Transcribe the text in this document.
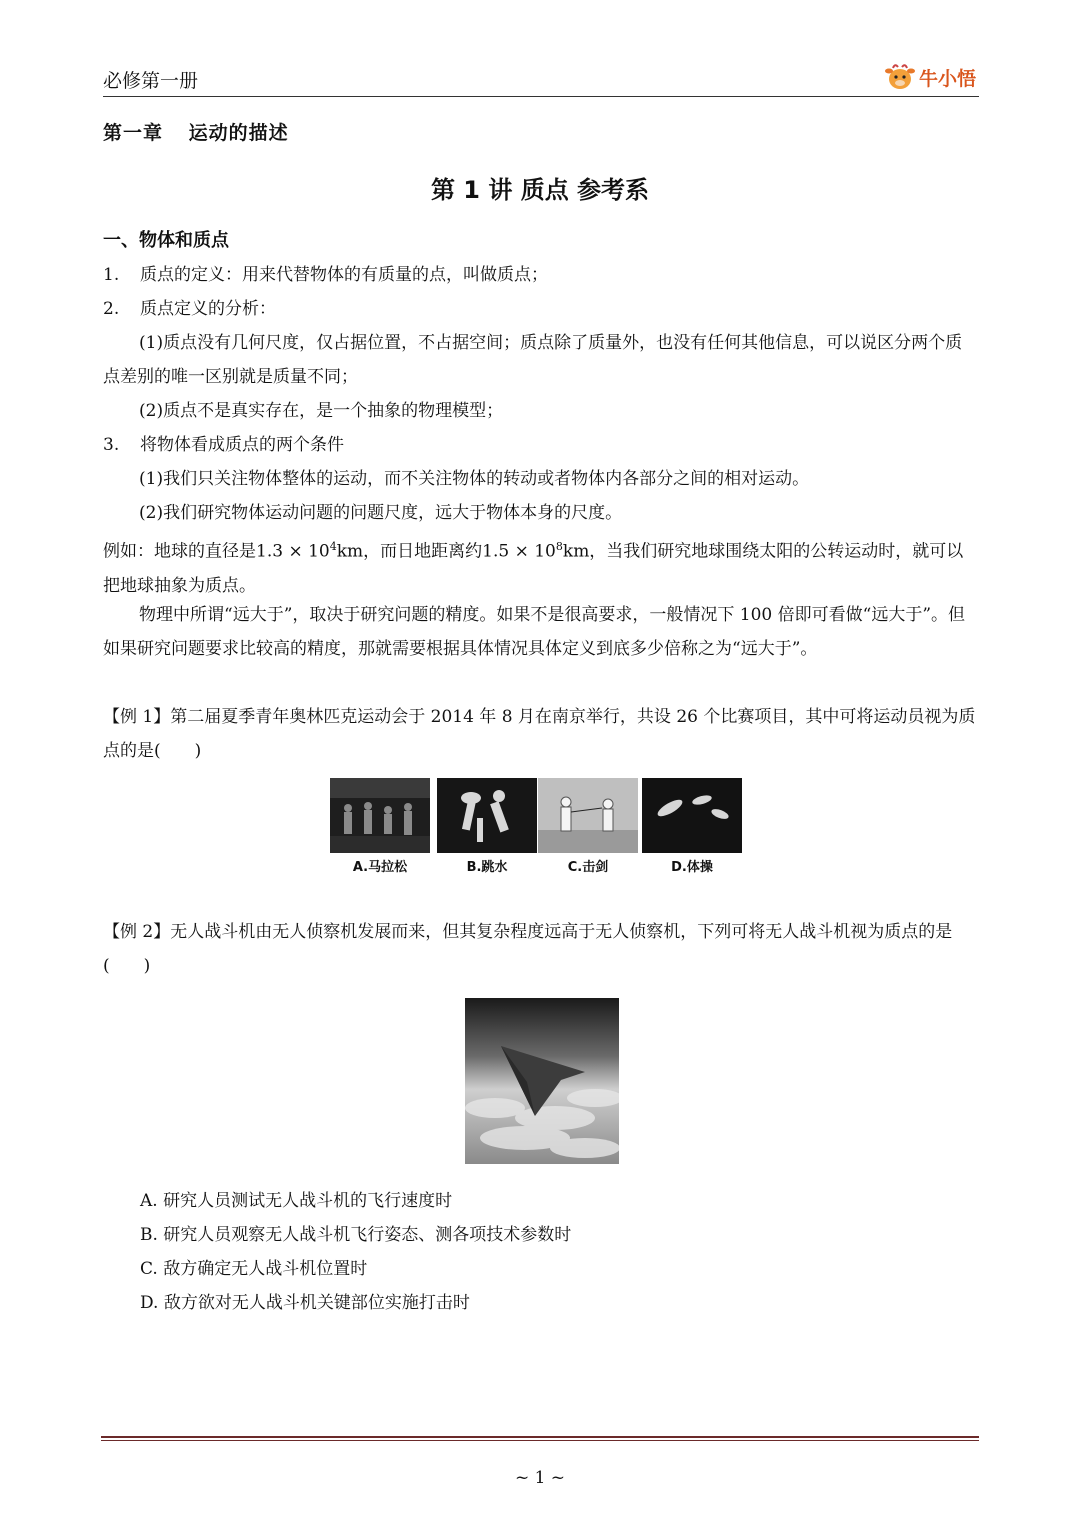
必修第一册	牛小悟
第一章 运动的描述
第 1 讲 质点 参考系
一、物体和质点
1. 质点的定义：用来代替物体的有质量的点，叫做质点；
2. 质点定义的分析：
(1)质点没有几何尺度，仅占据位置，不占据空间；质点除了质量外，也没有任何其他信息，可以说区分两个质点差别的唯一区别就是质量不同；
(2)质点不是真实存在，是一个抽象的物理模型；
3. 将物体看成质点的两个条件
(1)我们只关注物体整体的运动，而不关注物体的转动或者物体内各部分之间的相对运动。
(2)我们研究物体运动问题的问题尺度，远大于物体本身的尺度。
例如：地球的直径是$1.3 \times 10^4km$，而日地距离约$1.5 \times 10^8km$，当我们研究地球围绕太阳的公转运动时，就可以把地球抽象为质点。
物理中所谓“远大于”，取决于研究问题的精度。如果不是很高要求，一般情况下 100 倍即可看做“远大于”。但如果研究问题要求比较高的精度，那就需要根据具体情况具体定义到底多少倍称之为“远大于”。
【例 1】第二届夏季青年奥林匹克运动会于 2014 年 8 月在南京举行，共设 26 个比赛项目，其中可将运动员视为质点的是(　　)
A.马拉松	B.跳水	C.击剑	D.体操
【例 2】无人战斗机由无人侦察机发展而来，但其复杂程度远高于无人侦察机，下列可将无人战斗机视为质点的是(　　)
A. 研究人员测试无人战斗机的飞行速度时
B. 研究人员观察无人战斗机飞行姿态、测各项技术参数时
C. 敌方确定无人战斗机位置时
D. 敌方欲对无人战斗机关键部位实施打击时
~ 1 ~
